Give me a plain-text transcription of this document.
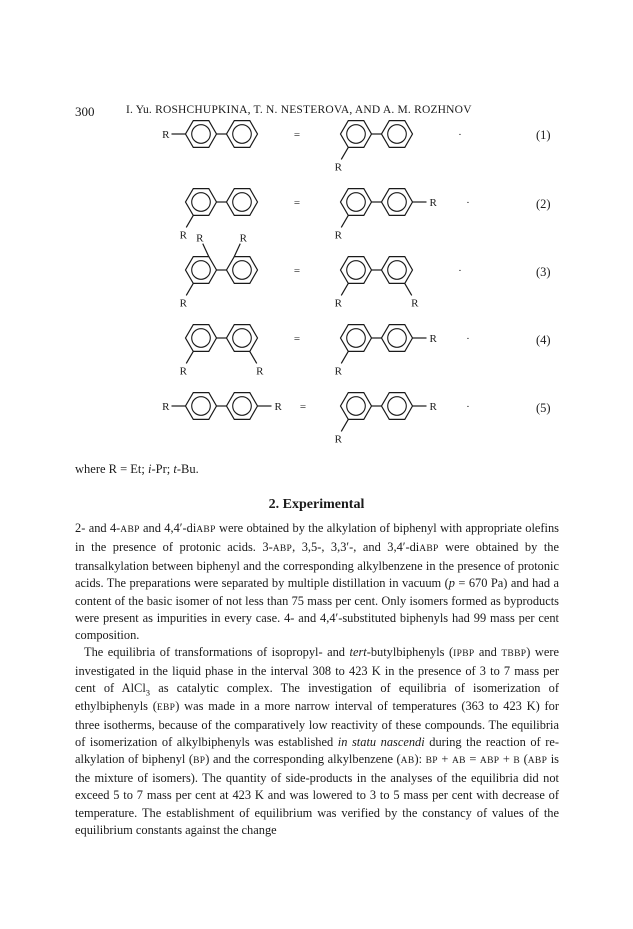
300	I. Yu. ROSHCHUPKINA, T. N. NESTEROVA, AND A. M. ROZHNOV
R	=
R
·
R
=
R
R	·
R	R
R
=
R	R
·
R	R
=
R
R	·
R	R =
R
R	·
(1)
(2)
(3)
(4)
(5)
where R = Et; i-Pr; t-Bu.
2. Experimental

2- and 4-ABP and 4,4′-diABP were obtained by the alkylation of biphenyl with appropriate olefins in the presence of protonic acids. 3-ABP, 3,5-, 3,3′-, and 3,4′-diABP were obtained by the transalkylation between biphenyl and the corresponding alkylbenzene in the presence of protonic acids. The preparations were separated by multiple distillation in vacuum (p = 670 Pa) and had a content of the basic isomer of not less than 75 mass per cent. Only isomers formed as byproducts were present as impurities in every case. 4- and 4,4′-substituted biphenyls had 99 mass per cent composition.

The equilibria of transformations of isopropyl- and tert-butylbiphenyls (IPBP and TBBP) were investigated in the liquid phase in the interval 308 to 423 K in the presence of 3 to 7 mass per cent of AlCl$_3$ as catalytic complex. The investigation of equilibria of isomerization of ethylbiphenyls (EBP) was made in a more narrow interval of temperatures (363 to 423 K) for three isotherms, because of the comparatively low reactivity of these compounds. The equilibria of isomerization of alkylbiphenyls was established in statu nascendi during the reaction of re-alkylation of biphenyl (BP) and the corresponding alkylbenzene (AB): BP + AB = ABP + B (ABP is the mixture of isomers). The quantity of side-products in the analyses of the equilibria did not exceed 5 to 7 mass per cent at 423 K and was lowered to 3 to 5 mass per cent with decrease of temperature. The establishment of equilibrium was verified by the constancy of values of the equilibrium constants against the change
